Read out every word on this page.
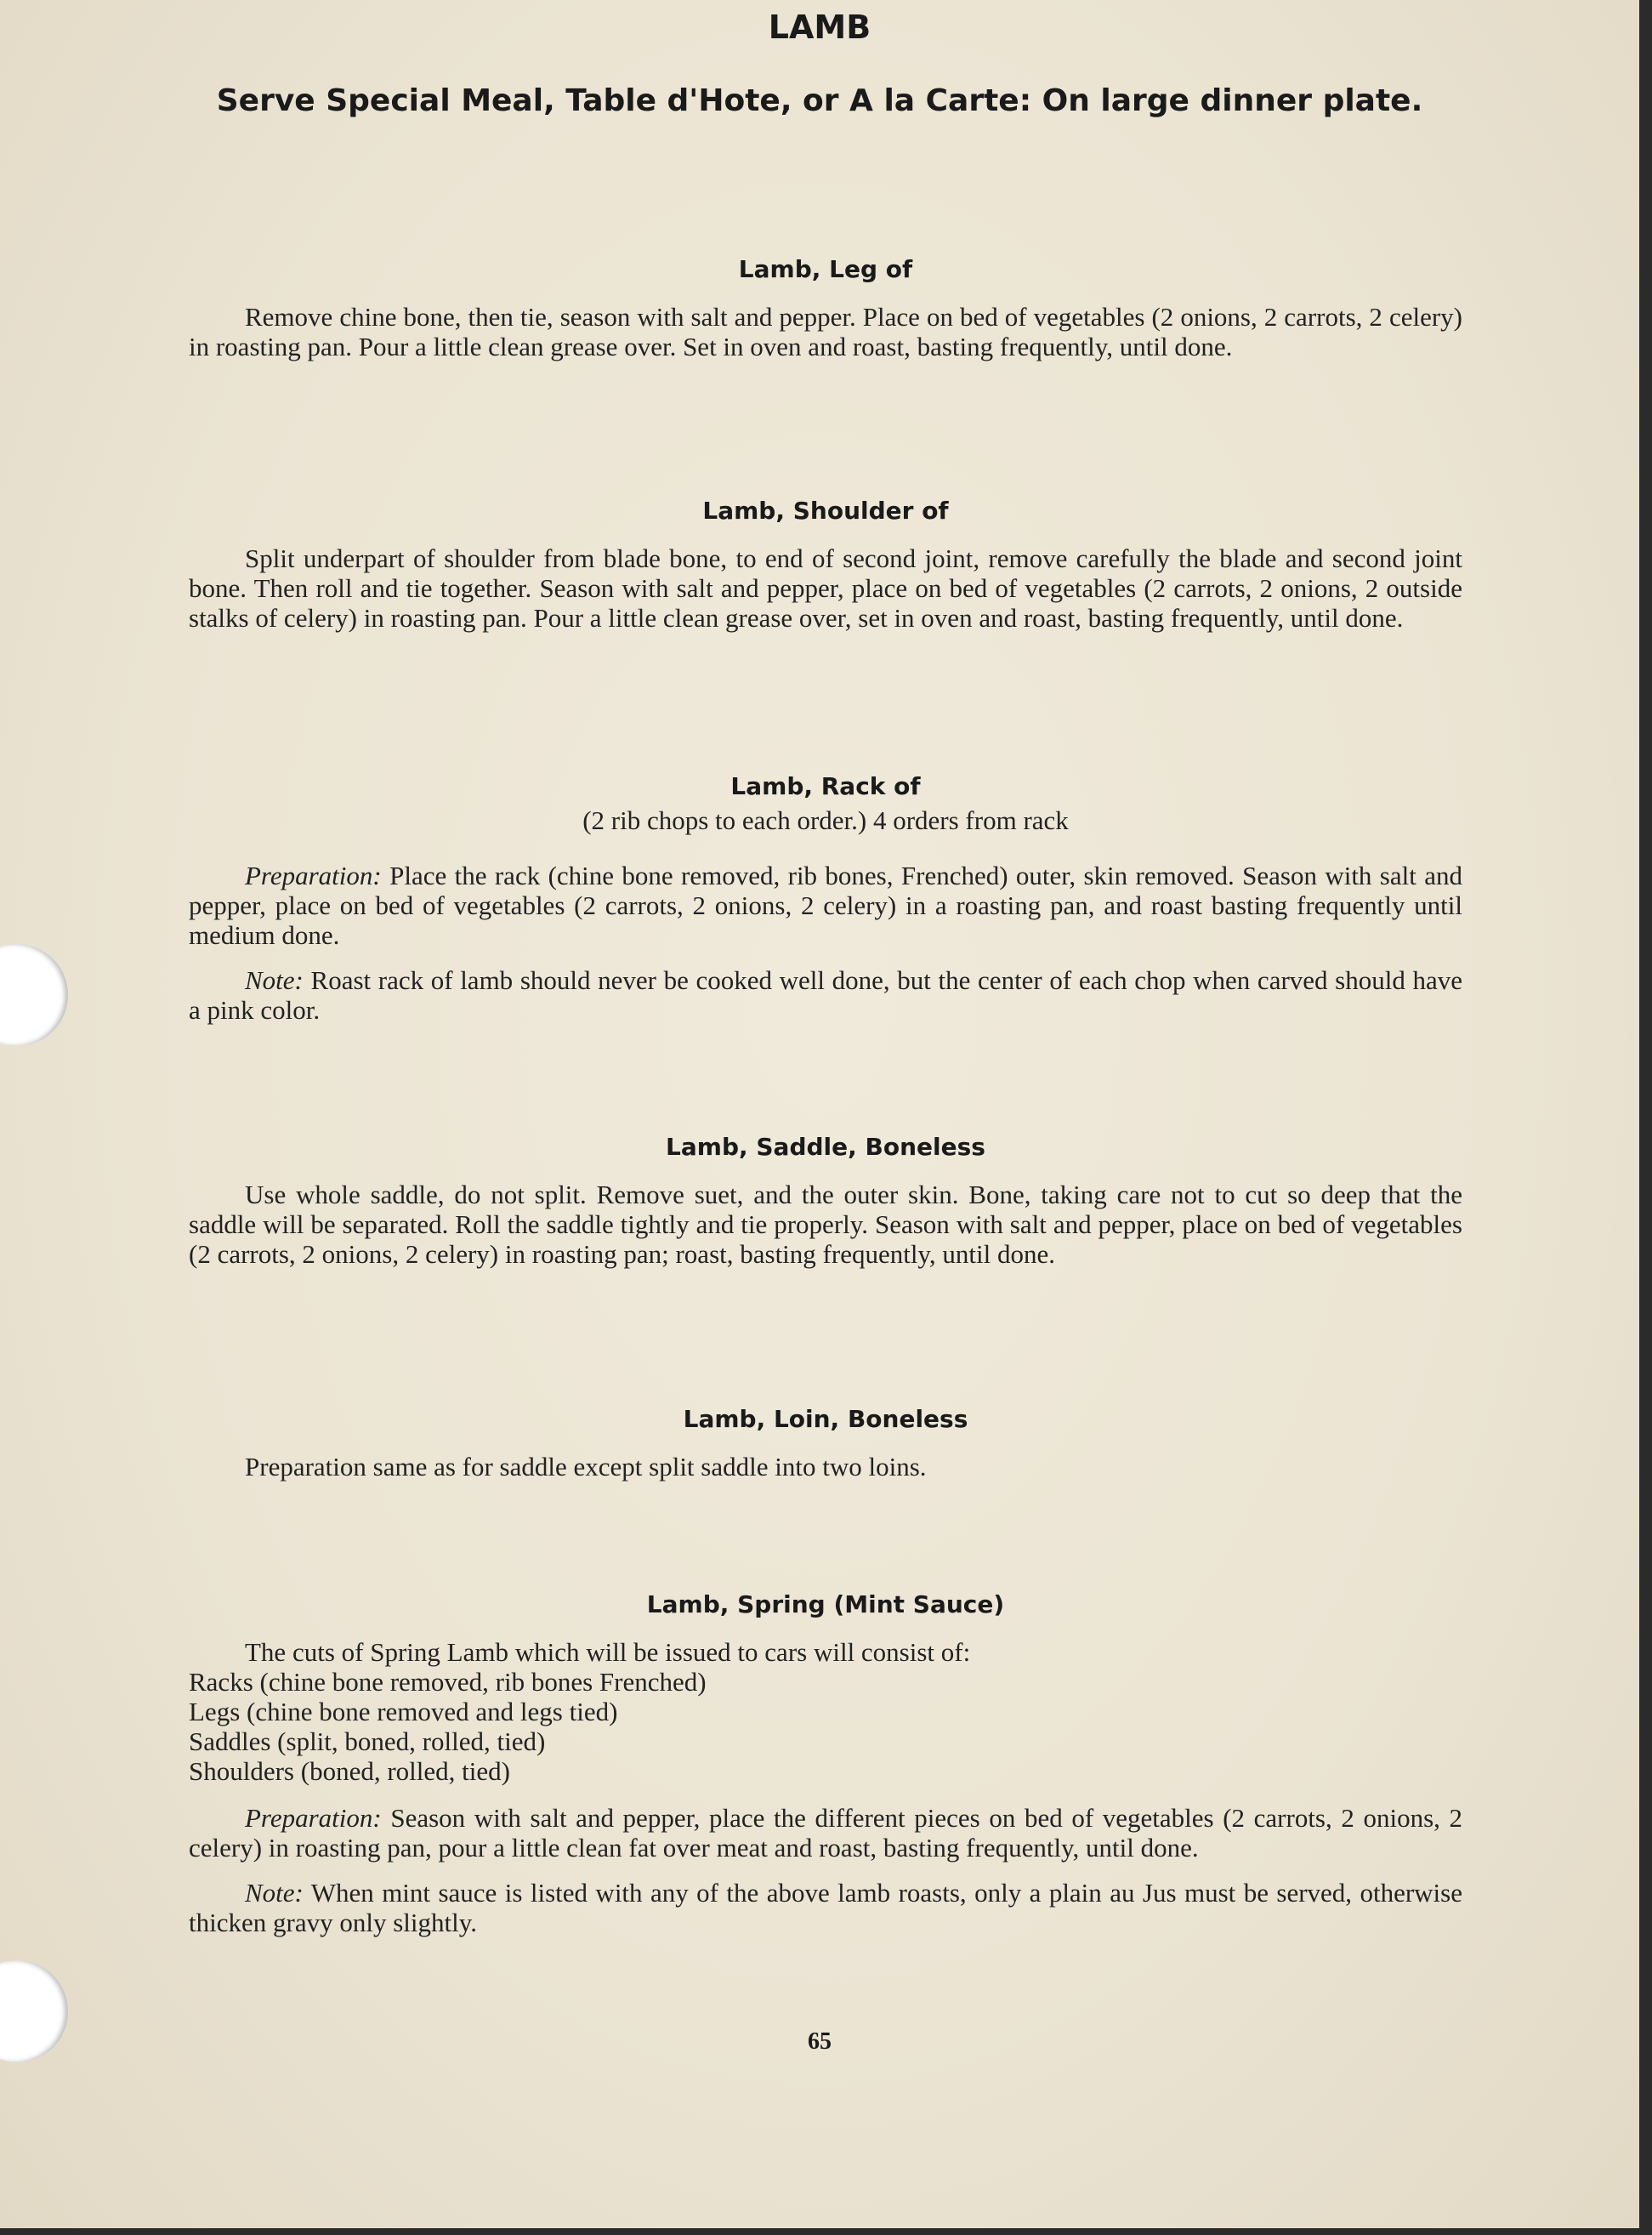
LAMB
Serve Special Meal, Table d'Hote, or A la Carte: On large dinner plate.
Lamb, Leg of

Remove chine bone, then tie, season with salt and pepper. Place on bed of vegetables (2 onions, 2 carrots, 2 celery) in roasting pan. Pour a little clean grease over. Set in oven and roast, basting frequently, until done.

Lamb, Shoulder of

Split underpart of shoulder from blade bone, to end of second joint, remove carefully the blade and second joint bone. Then roll and tie together. Season with salt and pepper, place on bed of vegetables (2 carrots, 2 onions, 2 outside stalks of celery) in roasting pan. Pour a little clean grease over, set in oven and roast, basting frequently, until done.

Lamb, Rack of

(2 rib chops to each order.) 4 orders from rack

Preparation: Place the rack (chine bone removed, rib bones, Frenched) outer, skin removed. Season with salt and pepper, place on bed of vegetables (2 carrots, 2 onions, 2 celery) in a roasting pan, and roast basting frequently until medium done.

Note: Roast rack of lamb should never be cooked well done, but the center of each chop when carved should have a pink color.

Lamb, Saddle, Boneless

Use whole saddle, do not split. Remove suet, and the outer skin. Bone, taking care not to cut so deep that the saddle will be separated. Roll the saddle tightly and tie properly. Season with salt and pepper, place on bed of vegetables (2 carrots, 2 onions, 2 celery) in roasting pan; roast, basting frequently, until done.

Lamb, Loin, Boneless

Preparation same as for saddle except split saddle into two loins.

Lamb, Spring (Mint Sauce)

The cuts of Spring Lamb which will be issued to cars will consist of:

Racks (chine bone removed, rib bones Frenched)

Legs (chine bone removed and legs tied)

Saddles (split, boned, rolled, tied)

Shoulders (boned, rolled, tied)

Preparation: Season with salt and pepper, place the different pieces on bed of vegetables (2 carrots, 2 onions, 2 celery) in roasting pan, pour a little clean fat over meat and roast, basting frequently, until done.

Note: When mint sauce is listed with any of the above lamb roasts, only a plain au Jus must be served, otherwise thicken gravy only slightly.

65
